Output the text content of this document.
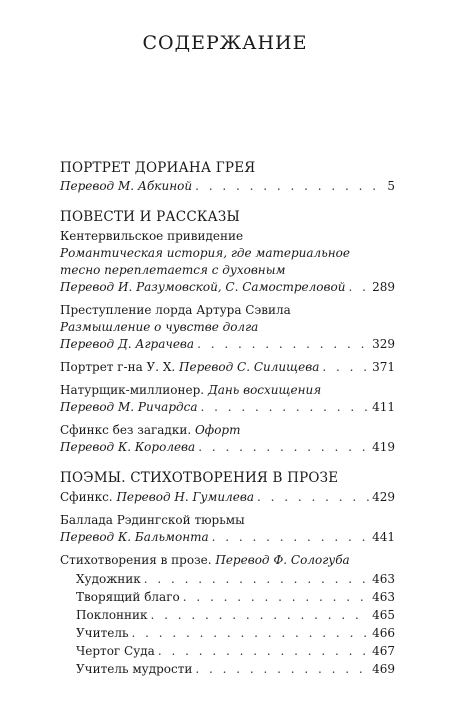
СОДЕРЖАНИЕ
ПОРТРЕТ ДОРИАНА ГРЕЯ
Перевод М. Абкиной . . .	5
ПОВЕСТИ И РАССКАЗЫ
Кентервильское привидение
Романтическая история, где материальное
тесно переплетается с духовным
Перевод И. Разумовской, С. Самостреловой . . . 289
Преступление лорда Артура Сэвила
Размышление о чувстве долга
Перевод Д. Аграчева . . .	329
Портрет г-на У. Х. Перевод С. Силищева . . .	371
Натурщик-миллионер. Дань восхищения
Перевод М. Ричардса . . .	411
Сфинкс без загадки. Офорт
Перевод К. Королева . . .	419
ПОЭМЫ. СТИХОТВОРЕНИЯ В ПРОЗЕ
Сфинкс. Перевод Н. Гумилева . . .	429
Баллада Рэдингской тюрьмы
Перевод К. Бальмонта . . .	441
Стихотворения в прозе. Перевод Ф. Сологуба
Художник . . .	463
Творящий благо . . .	463
Поклонник . . .	465
Учитель . . .	466
Чертог Суда . . .	467
Учитель мудрости . . .	469
